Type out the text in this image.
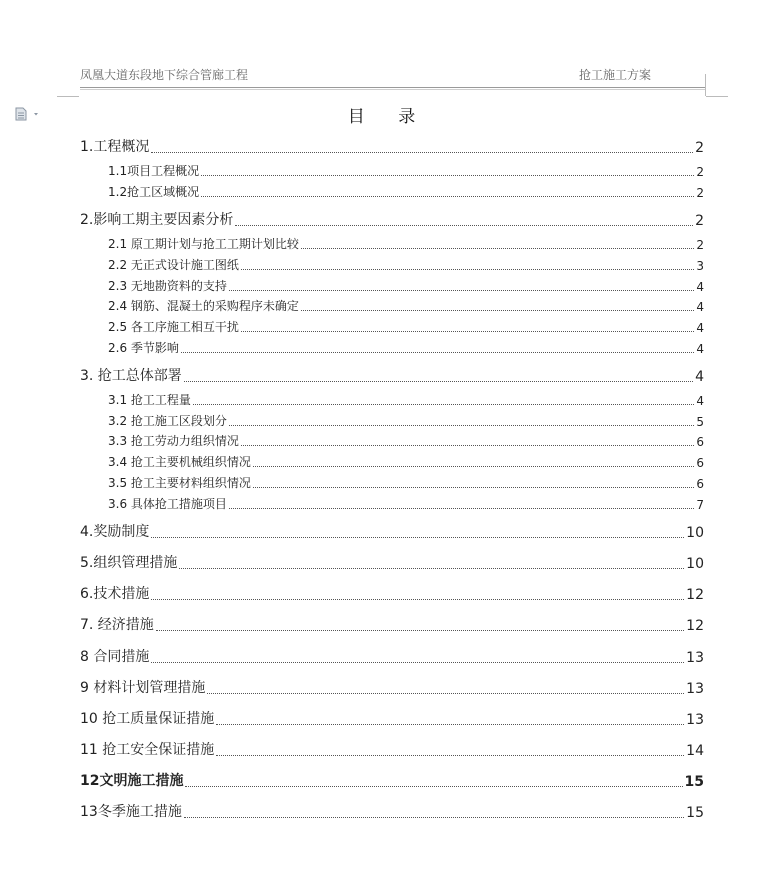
凤凰大道东段地下综合管廊工程	抢工施工方案
目 录
1.工程概况	2
1.1项目工程概况	2
1.2抢工区域概况	2
2.影响工期主要因素分析	2
2.1 原工期计划与抢工工期计划比较	2
2.2 无正式设计施工图纸	3
2.3 无地勘资料的支持	4
2.4 钢筋、混凝土的采购程序未确定	4
2.5 各工序施工相互干扰	4
2.6 季节影响	4
3. 抢工总体部署	4
3.1 抢工工程量	4
3.2 抢工施工区段划分	5
3.3 抢工劳动力组织情况	6
3.4 抢工主要机械组织情况	6
3.5 抢工主要材料组织情况	6
3.6 具体抢工措施项目	7
4.奖励制度	10
5.组织管理措施	10
6.技术措施	12
7. 经济措施	12
8 合同措施	13
9 材料计划管理措施	13
10 抢工质量保证措施	13
11 抢工安全保证措施	14
12文明施工措施	15
13冬季施工措施	15
